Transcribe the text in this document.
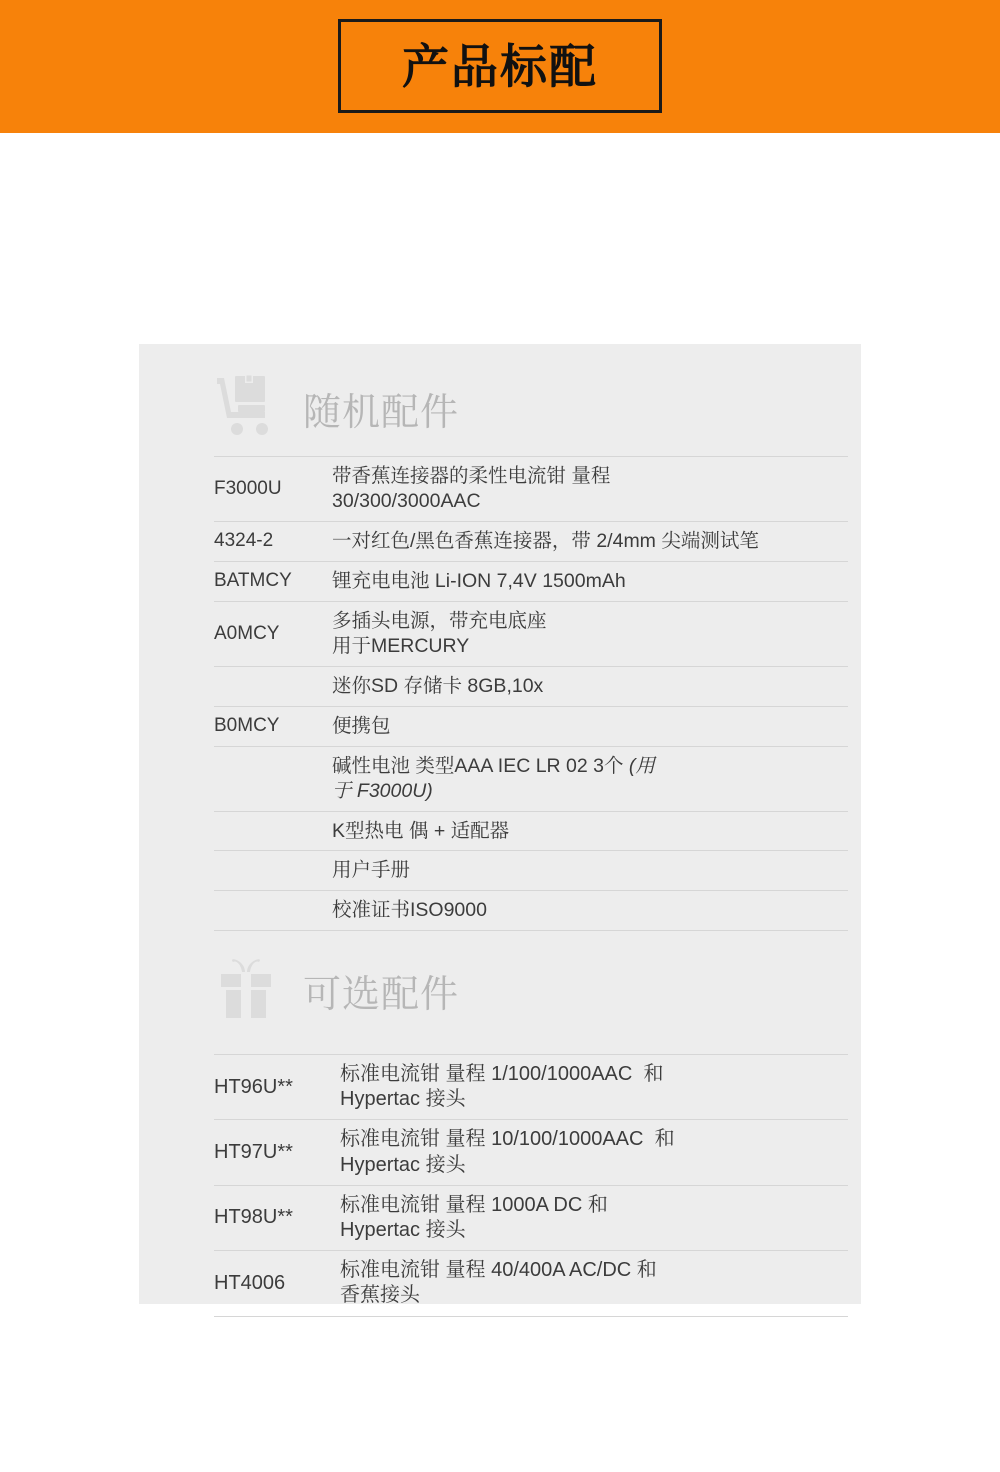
产品标配
随机配件
F3000U	带香蕉连接器的柔性电流钳 量程
30/300/3000AAC
4324-2	一对红色/黑色香蕉连接器，带 2/4mm 尖端测试笔
BATMCY	锂充电电池 Li-ION 7,4V 1500mAh
A0MCY	多插头电源，带充电底座
用于MERCURY
	迷你SD 存储卡 8GB,10x
B0MCY	便携包
	碱性电池 类型AAA IEC LR 02 3个 (用
于 F3000U)
	K型热电 偶 + 适配器
	用户手册
	校准证书ISO9000
可选配件
HT96U**	标准电流钳 量程 1/100/1000AAC  和
Hypertac 接头
HT97U**	标准电流钳 量程 10/100/1000AAC  和
Hypertac 接头
HT98U**	标准电流钳 量程 1000A DC 和
Hypertac 接头
HT4006	标准电流钳 量程 40/400A AC/DC 和
香蕉接头
